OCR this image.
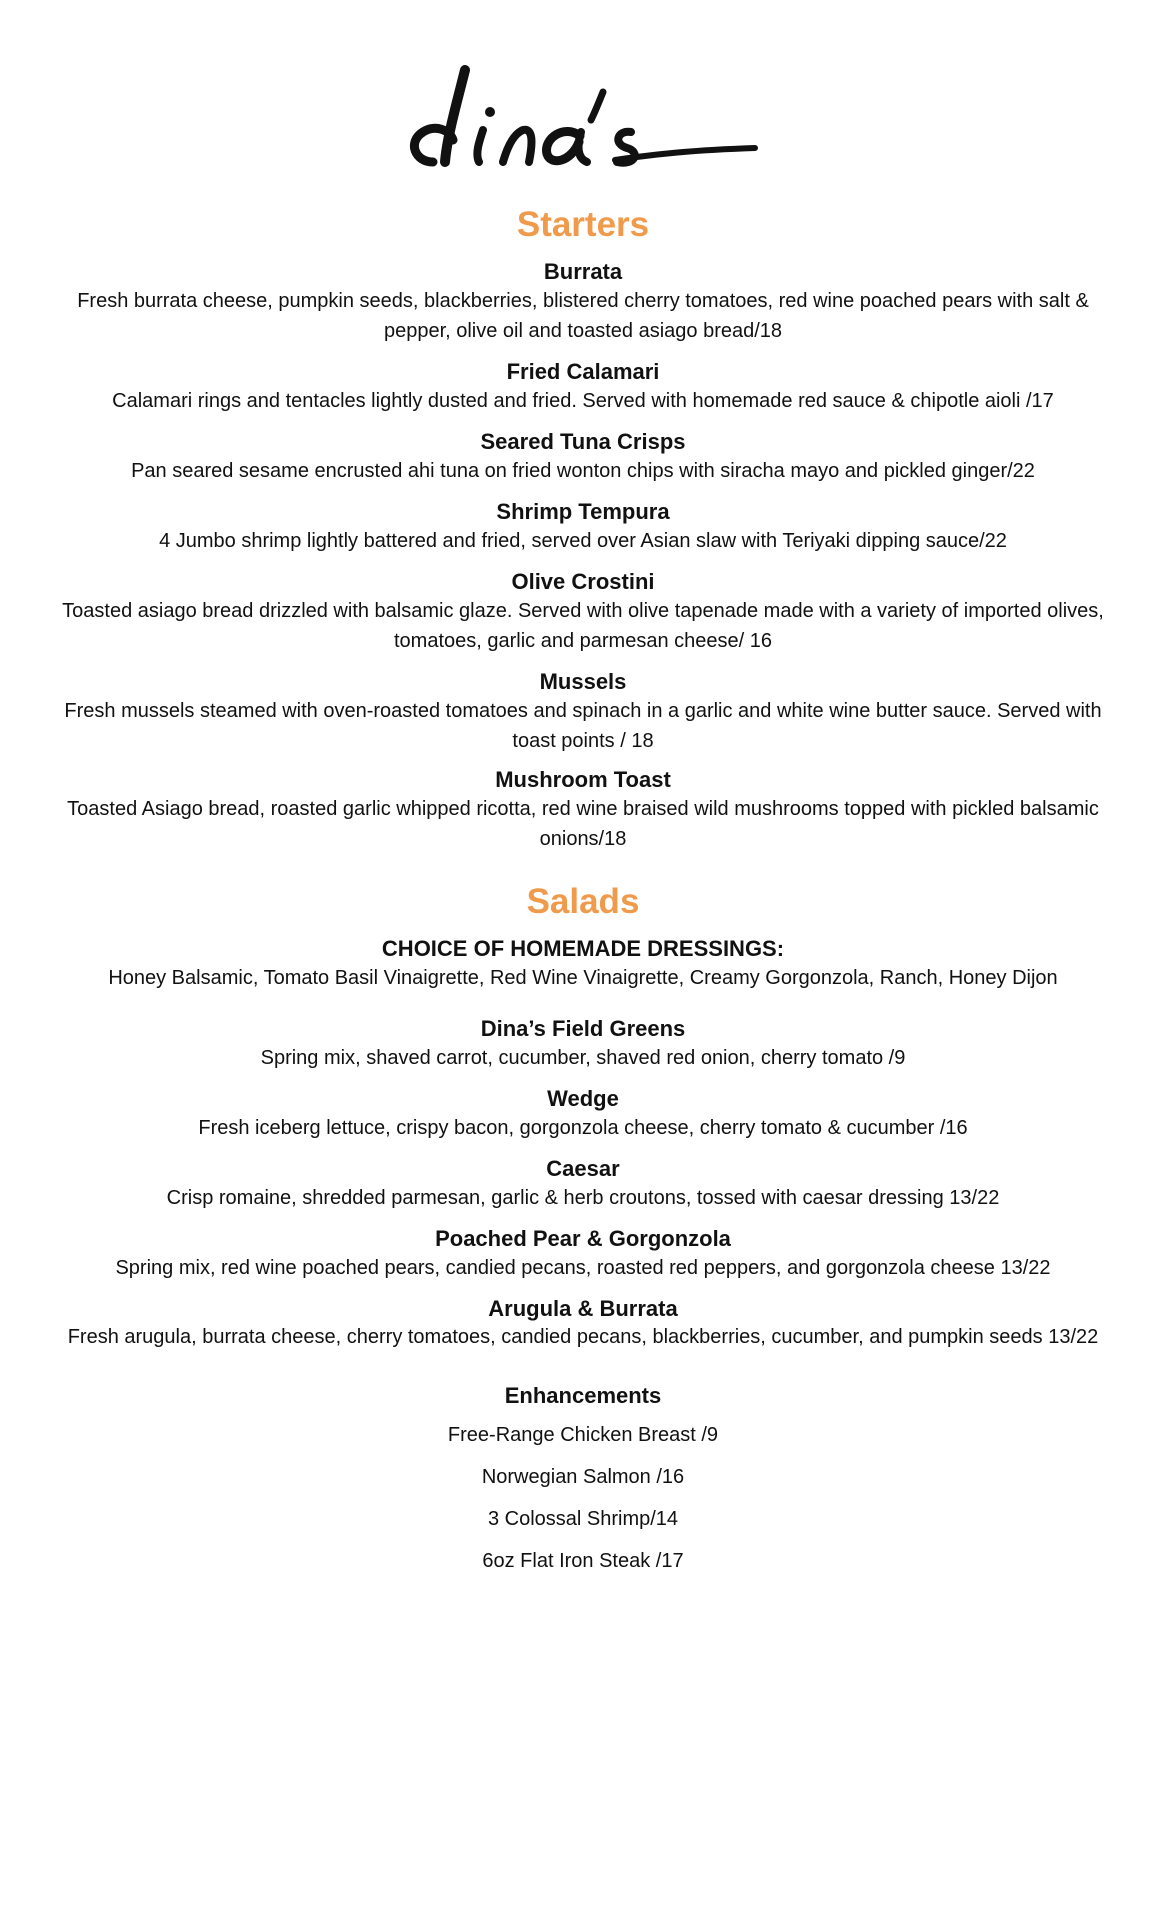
Starters
Burrata
Fresh burrata cheese, pumpkin seeds, blackberries, blistered cherry tomatoes, red wine poached pears with salt & pepper, olive oil and toasted asiago bread/18
Fried Calamari
Calamari rings and tentacles lightly dusted and fried. Served with homemade red sauce & chipotle aioli /17
Seared Tuna Crisps
Pan seared sesame encrusted ahi tuna on fried wonton chips with siracha mayo and pickled ginger/22
Shrimp Tempura
4 Jumbo shrimp lightly battered and fried, served over Asian slaw with Teriyaki dipping sauce/22
Olive Crostini
Toasted asiago bread drizzled with balsamic glaze. Served with olive tapenade made with a variety of imported olives, tomatoes, garlic and parmesan cheese/ 16
Mussels
Fresh mussels steamed with oven-roasted tomatoes and spinach in a garlic and white wine butter sauce. Served with toast points / 18
Mushroom Toast
Toasted Asiago bread, roasted garlic whipped ricotta, red wine braised wild mushrooms topped with pickled balsamic onions/18
Salads
CHOICE OF HOMEMADE DRESSINGS:
Honey Balsamic, Tomato Basil Vinaigrette, Red Wine Vinaigrette, Creamy Gorgonzola, Ranch, Honey Dijon
Dina’s Field Greens
Spring mix, shaved carrot, cucumber, shaved red onion, cherry tomato /9
Wedge
Fresh iceberg lettuce, crispy bacon, gorgonzola cheese, cherry tomato & cucumber /16
Caesar
Crisp romaine, shredded parmesan, garlic & herb croutons, tossed with caesar dressing 13/22
Poached Pear & Gorgonzola
Spring mix, red wine poached pears, candied pecans, roasted red peppers, and gorgonzola cheese 13/22
Arugula & Burrata
Fresh arugula, burrata cheese, cherry tomatoes, candied pecans, blackberries, cucumber, and pumpkin seeds 13/22
Enhancements
Free-Range Chicken Breast /9
Norwegian Salmon /16
3 Colossal Shrimp/14
6oz Flat Iron Steak /17
